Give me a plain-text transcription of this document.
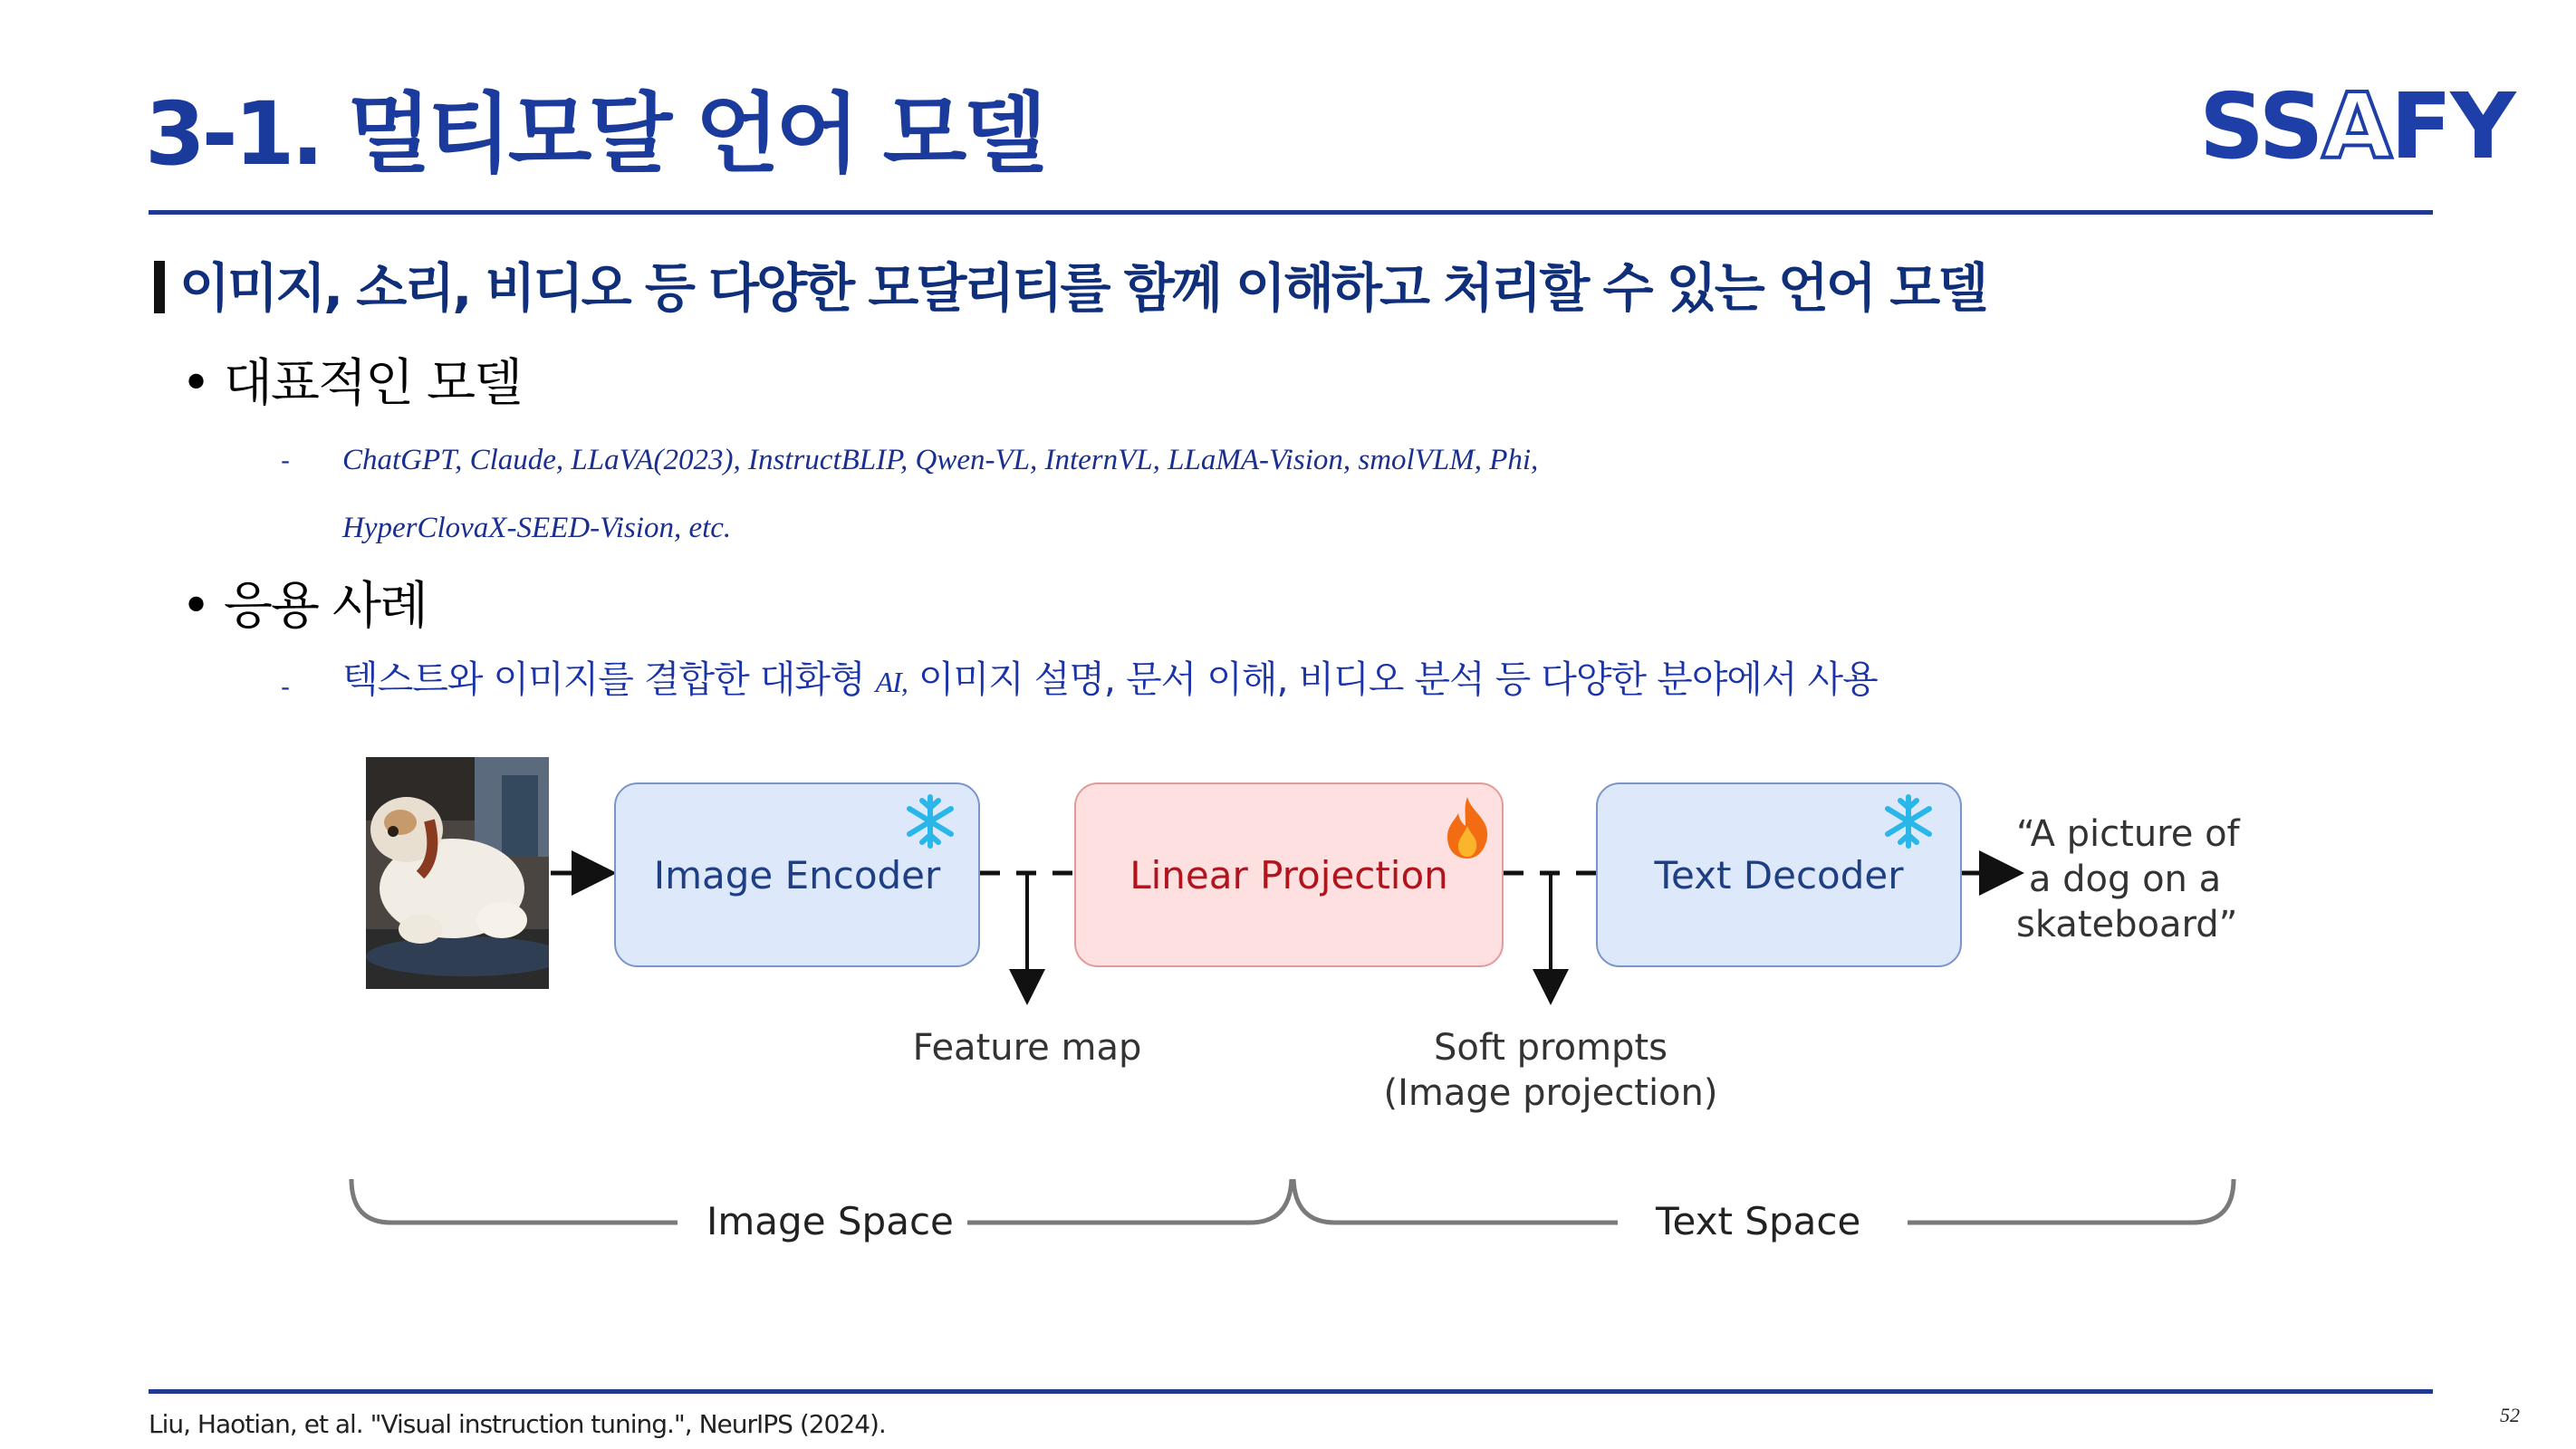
3-1. 멀티모달 언어 모델	SSAFY
이미지, 소리, 비디오 등 다양한 모달리티를 함께 이해하고 처리할 수 있는 언어 모델
• 대표적인 모델
- ChatGPT, Claude, LLaVA(2023), InstructBLIP, Qwen-VL, InternVL, LLaMA-Vision, smolVLM, Phi,
HyperClovaX-SEED-Vision, etc.
• 응용 사례
- 텍스트와 이미지를 결합한 대화형 AI, 이미지 설명, 문서 이해, 비디오 분석 등 다양한 분야에서 사용
Image Encoder	Linear Projection	Text Decoder
“A picture of
a dog on a
skateboard”
Feature map	Soft prompts
(Image projection)
Image Space	Text Space
Liu, Haotian, et al. "Visual instruction tuning.", NeurIPS (2024).	52
